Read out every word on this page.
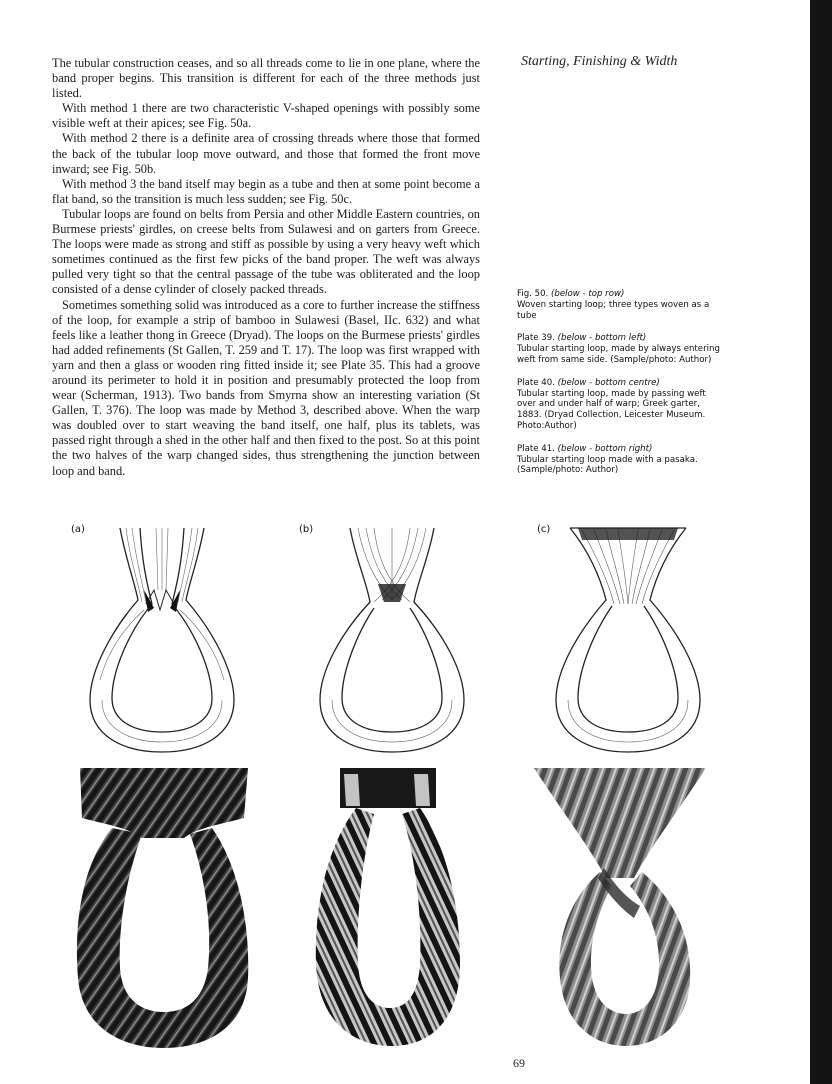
Starting, Finishing & Width

The tubular construction ceases, and so all threads come to lie in one plane, where the band proper begins. This transition is different for each of the three methods just listed.

With method 1 there are two characteristic V-shaped openings with possibly some visible weft at their apices; see Fig. 50a.

With method 2 there is a definite area of crossing threads where those that formed the back of the tubular loop move outward, and those that formed the front move inward; see Fig. 50b.

With method 3 the band itself may begin as a tube and then at some point become a flat band, so the transition is much less sudden; see Fig. 50c.

Tubular loops are found on belts from Persia and other Middle Eastern countries, on Burmese priests' girdles, on creese belts from Sulawesi and on garters from Greece. The loops were made as strong and stiff as possible by using a very heavy weft which sometimes continued as the first few picks of the band proper. The weft was always pulled very tight so that the central passage of the tube was obliterated and the loop consisted of a dense cylinder of closely packed threads.

Sometimes something solid was introduced as a core to further increase the stiffness of the loop, for example a strip of bamboo in Sulawesi (Basel, IIc. 632) and what feels like a leather thong in Greece (Dryad). The loops on the Burmese priests' girdles had added refinements (St Gallen, T. 259 and T. 17). The loop was first wrapped with yarn and then a glass or wooden ring fitted inside it; see Plate 35. This had a groove around its perimeter to hold it in position and presumably protected the loop from wear (Scherman, 1913). Two bands from Smyrna show an interesting variation (St Gallen, T. 376). The loop was made by Method 3, described above. When the warp was doubled over to start weaving the band itself, one half, plus its tablets, was passed right through a shed in the other half and then fixed to the post. So at this point the two halves of the warp changed sides, thus strengthening the junction between loop and band.

Fig. 50. (below - top row)
Woven starting loop; three types woven as a tube
Plate 39. (below - bottom left)
Tubular starting loop, made by always entering weft from same side. (Sample/photo: Author)
Plate 40. (below - bottom centre)
Tubular starting loop, made by passing weft over and under half of warp; Greek garter, 1883. (Dryad Collection, Leicester Museum. Photo:Author)
Plate 41. (below - bottom right)
Tubular starting loop made with a pasaka. (Sample/photo: Author)
(a)	(b)	(c)
69
